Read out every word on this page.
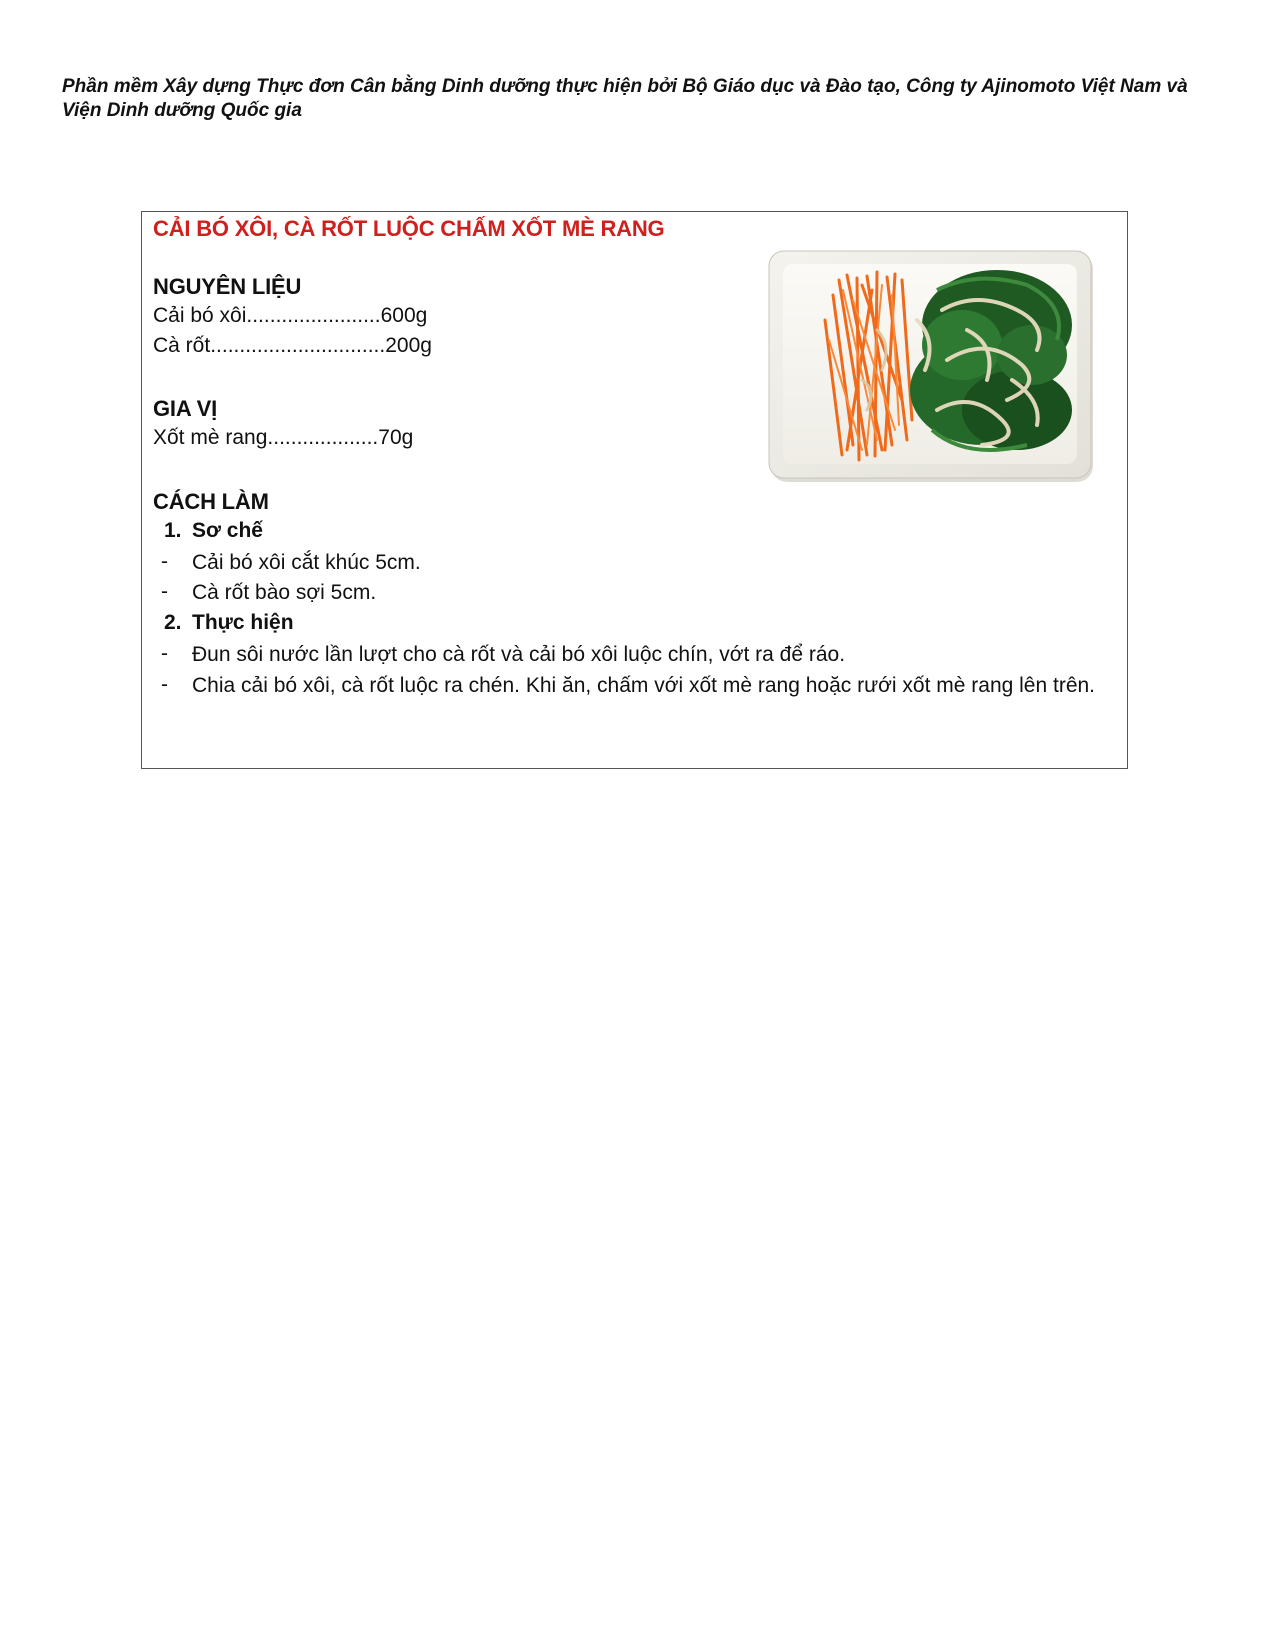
Phần mềm Xây dựng Thực đơn Cân bằng Dinh dưỡng thực hiện bởi Bộ Giáo dục và Đào tạo, Công ty Ajinomoto Việt Nam và Viện Dinh dưỡng Quốc gia
CẢI BÓ XÔI, CÀ RỐT LUỘC CHẤM XỐT MÈ RANG
NGUYÊN LIỆU
Cải bó xôi.......................600g
Cà rốt..............................200g
GIA VỊ
Xốt mè rang...................70g
CÁCH LÀM
1. Sơ chế
- Cải bó xôi cắt khúc 5cm.
- Cà rốt bào sợi 5cm.
2. Thực hiện
- Đun sôi nước lần lượt cho cà rốt và cải bó xôi luộc chín, vớt ra để ráo.
- Chia cải bó xôi, cà rốt luộc ra chén. Khi ăn, chấm với xốt mè rang hoặc rưới xốt mè rang lên trên.
